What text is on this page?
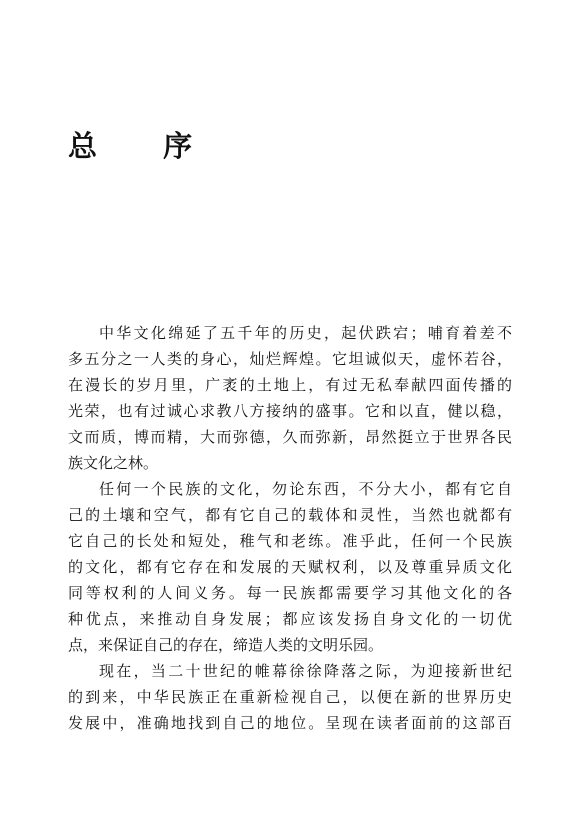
总 序
中华文化绵延了五千年的历史，起伏跌宕；哺育着差不
多五分之一人类的身心，灿烂辉煌。它坦诚似天，虚怀若谷，
在漫长的岁月里，广袤的土地上，有过无私奉献四面传播的
光荣，也有过诚心求教八方接纳的盛事。它和以直，健以稳，
文而质，博而精，大而弥德，久而弥新，昂然挺立于世界各民
族文化之林。
任何一个民族的文化，勿论东西，不分大小，都有它自
己的土壤和空气，都有它自己的载体和灵性，当然也就都有
它自己的长处和短处，稚气和老练。准乎此，任何一个民族
的文化，都有它存在和发展的天赋权利，以及尊重异质文化
同等权利的人间义务。每一民族都需要学习其他文化的各
种优点，来推动自身发展；都应该发扬自身文化的一切优
点，来保证自己的存在，缔造人类的文明乐园。
现在，当二十世纪的帷幕徐徐降落之际，为迎接新世纪
的到来，中华民族正在重新检视自己，以便在新的世界历史
发展中，准确地找到自己的地位。呈现在读者面前的这部百
